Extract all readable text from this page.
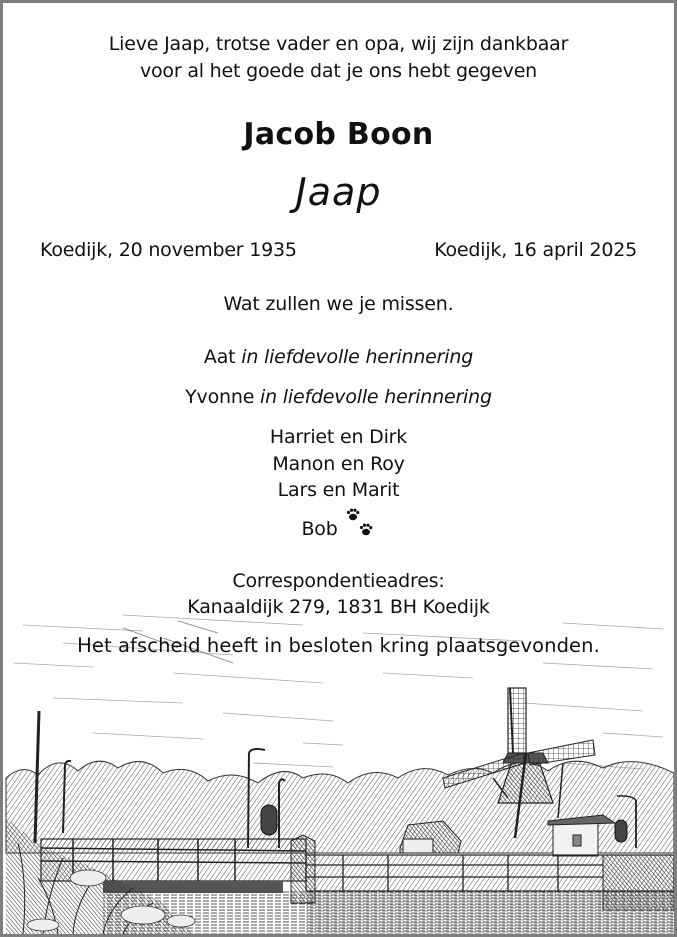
Lieve Jaap, trotse vader en opa, wij zijn dankbaar
voor al het goede dat je ons hebt gegeven
Jacob Boon
Jaap
Koedijk, 20 november 1935	Koedijk, 16 april 2025
Wat zullen we je missen.
Aat in liefdevolle herinnering
Yvonne in liefdevolle herinnering
Harriet en Dirk
Manon en Roy
Lars en Marit
Bob
Correspondentieadres:
Kanaaldijk 279, 1831 BH Koedijk
Het afscheid heeft in besloten kring plaatsgevonden.
